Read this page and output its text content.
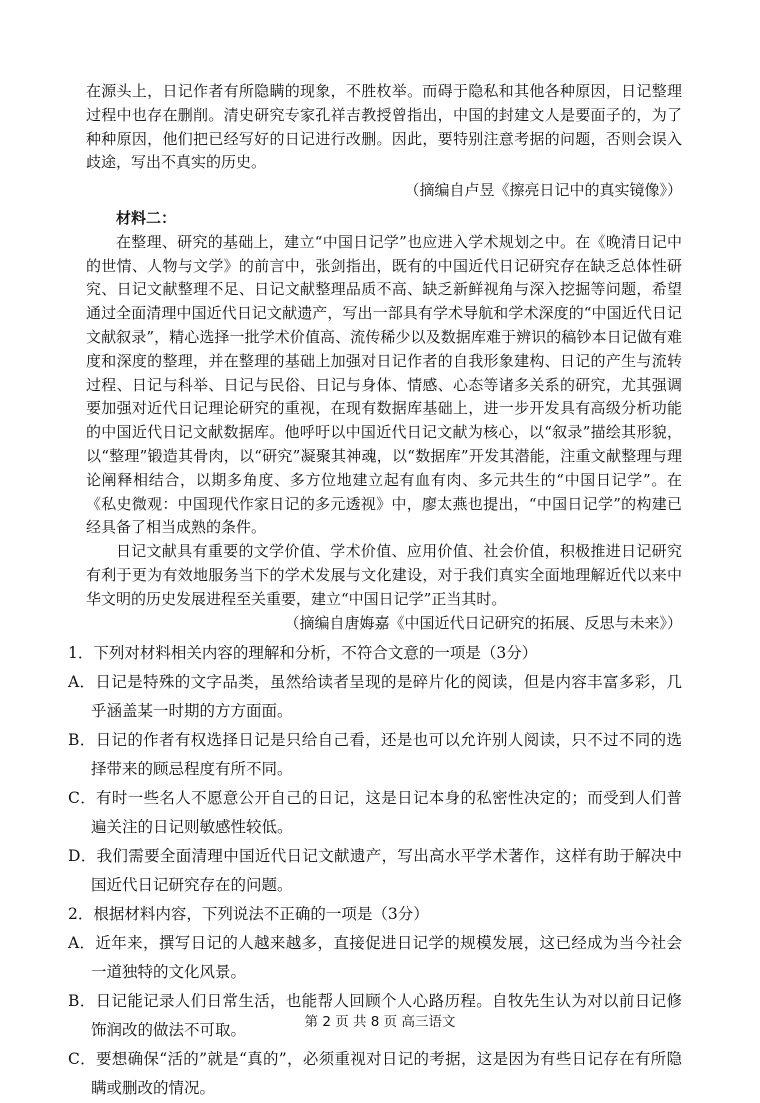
在源头上，日记作者有所隐瞒的现象，不胜枚举。而碍于隐私和其他各种原因，日记整理过程中也存在删削。清史研究专家孔祥吉教授曾指出，中国的封建文人是要面子的，为了种种原因，他们把已经写好的日记进行改删。因此，要特别注意考据的问题，否则会误入歧途，写出不真实的历史。

（摘编自卢昱《擦亮日记中的真实镜像》）

材料二：

在整理、研究的基础上，建立“中国日记学”也应进入学术规划之中。在《晚清日记中的世情、人物与文学》的前言中，张剑指出，既有的中国近代日记研究存在缺乏总体性研究、日记文献整理不足、日记文献整理品质不高、缺乏新鲜视角与深入挖掘等问题，希望通过全面清理中国近代日记文献遗产，写出一部具有学术导航和学术深度的“中国近代日记文献叙录”，精心选择一批学术价值高、流传稀少以及数据库难于辨识的稿钞本日记做有难度和深度的整理，并在整理的基础上加强对日记作者的自我形象建构、日记的产生与流转过程、日记与科举、日记与民俗、日记与身体、情感、心态等诸多关系的研究，尤其强调要加强对近代日记理论研究的重视，在现有数据库基础上，进一步开发具有高级分析功能的中国近代日记文献数据库。他呼吁以中国近代日记文献为核心，以“叙录”描绘其形貌，以“整理”锻造其骨肉，以“研究”凝聚其神魂，以“数据库”开发其潜能，注重文献整理与理论阐释相结合，以期多角度、多方位地建立起有血有肉、多元共生的“中国日记学”。在《私史微观：中国现代作家日记的多元透视》中，廖太燕也提出，“中国日记学”的构建已经具备了相当成熟的条件。

日记文献具有重要的文学价值、学术价值、应用价值、社会价值，积极推进日记研究有利于更为有效地服务当下的学术发展与文化建设，对于我们真实全面地理解近代以来中华文明的历史发展进程至关重要，建立“中国日记学”正当其时。

（摘编自唐娒嘉《中国近代日记研究的拓展、反思与未来》）

1．下列对材料相关内容的理解和分析，不符合文意的一项是（3分）

A．日记是特殊的文字品类，虽然给读者呈现的是碎片化的阅读，但是内容丰富多彩，几乎涵盖某一时期的方方面面。

B．日记的作者有权选择日记是只给自己看，还是也可以允许别人阅读，只不过不同的选择带来的顾忌程度有所不同。

C．有时一些名人不愿意公开自己的日记，这是日记本身的私密性决定的；而受到人们普遍关注的日记则敏感性较低。

D．我们需要全面清理中国近代日记文献遗产，写出高水平学术著作，这样有助于解决中国近代日记研究存在的问题。

2．根据材料内容，下列说法不正确的一项是（3分）

A．近年来，撰写日记的人越来越多，直接促进日记学的规模发展，这已经成为当今社会一道独特的文化风景。

B．日记能记录人们日常生活，也能帮人回顾个人心路历程。自牧先生认为对以前日记修饰润改的做法不可取。

C．要想确保“活的”就是“真的”，必须重视对日记的考据，这是因为有些日记存在有所隐瞒或删改的情况。

第 2 页 共 8 页 高三语文
